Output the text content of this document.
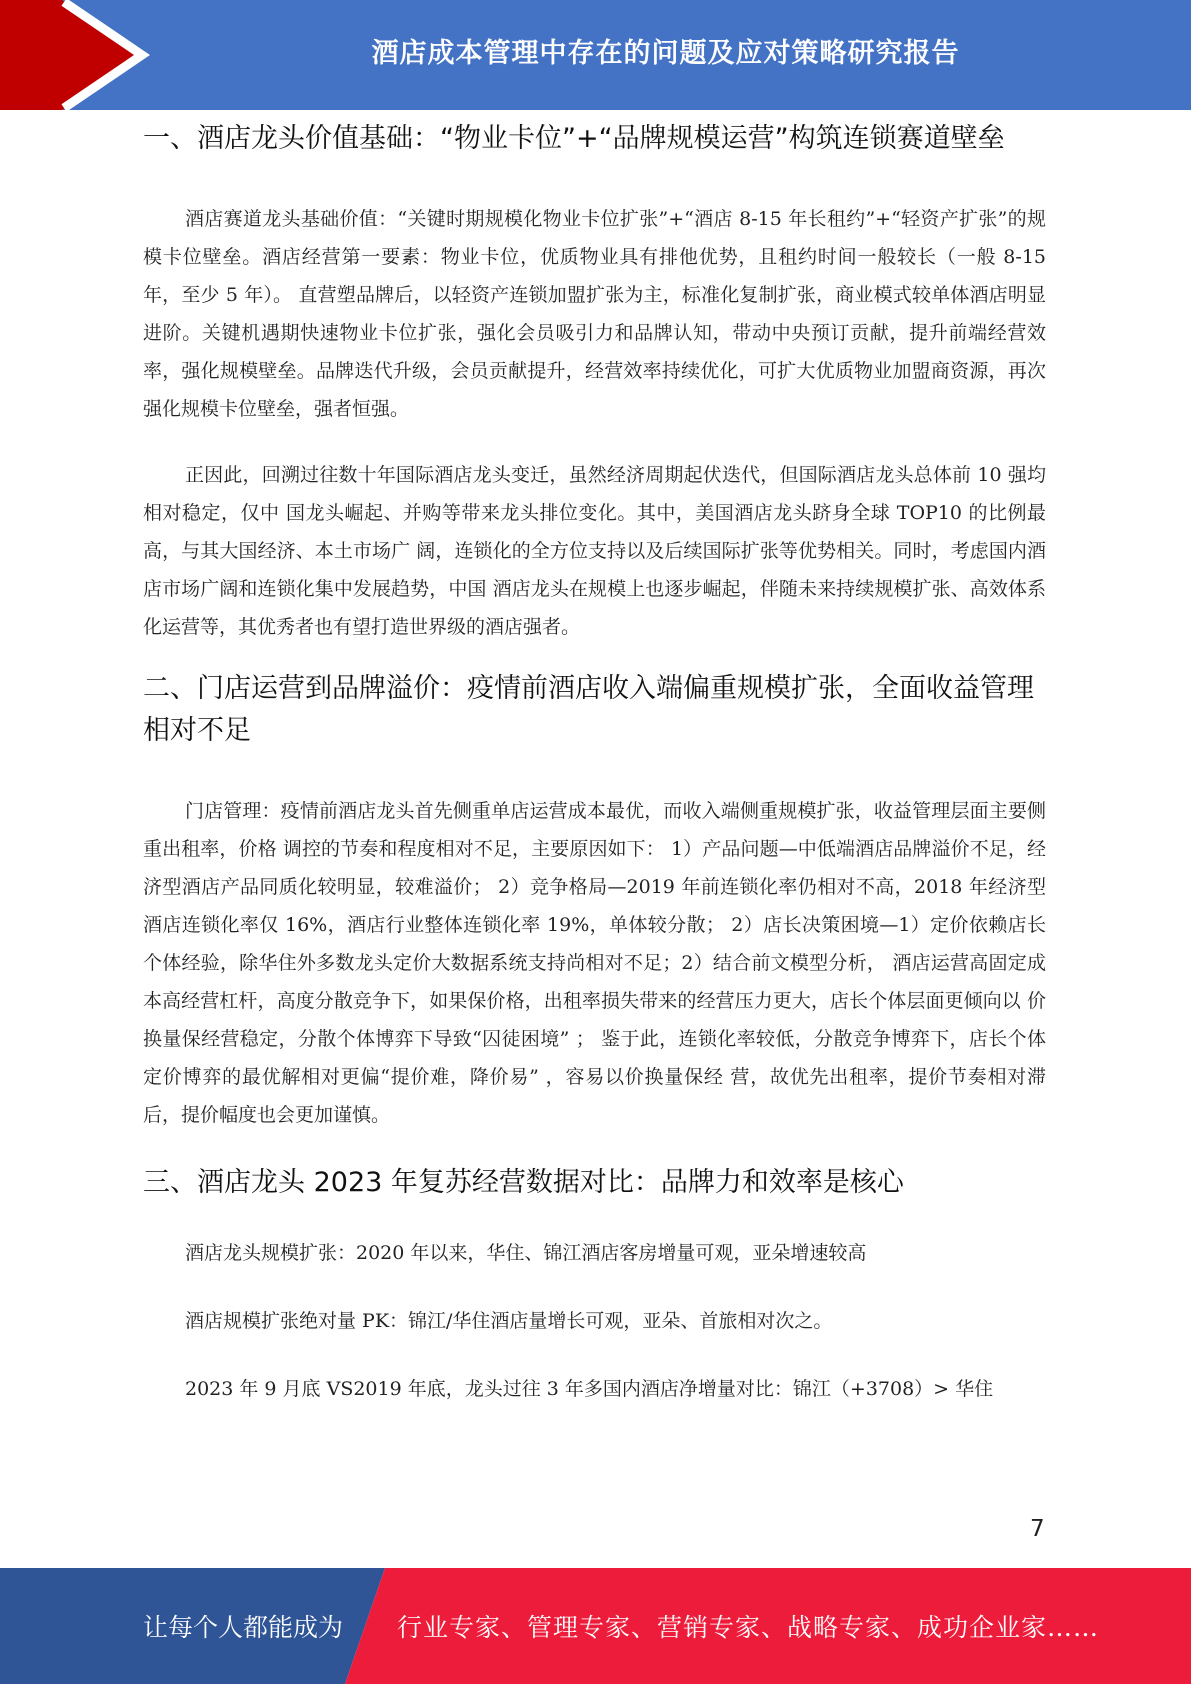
酒店成本管理中存在的问题及应对策略研究报告
一、酒店龙头价值基础：“物业卡位”+“品牌规模运营”构筑连锁赛道壁垒

酒店赛道龙头基础价值：“关键时期规模化物业卡位扩张”+“酒店 8-15 年长租约”+“轻资产扩张”的规模卡位壁垒。酒店经营第一要素：物业卡位，优质物业具有排他优势，且租约时间一般较长（一般 8-15 年，至少 5 年）。 直营塑品牌后，以轻资产连锁加盟扩张为主，标准化复制扩张，商业模式较单体酒店明显进阶。关键机遇期快速物业卡位扩张，强化会员吸引力和品牌认知，带动中央预订贡献，提升前端经营效率，强化规模壁垒。品牌迭代升级，会员贡献提升，经营效率持续优化，可扩大优质物业加盟商资源，再次强化规模卡位壁垒，强者恒强。

正因此，回溯过往数十年国际酒店龙头变迁，虽然经济周期起伏迭代，但国际酒店龙头总体前 10 强均相对稳定，仅中 国龙头崛起、并购等带来龙头排位变化。其中，美国酒店龙头跻身全球 TOP10 的比例最高，与其大国经济、本土市场广 阔，连锁化的全方位支持以及后续国际扩张等优势相关。同时，考虑国内酒店市场广阔和连锁化集中发展趋势，中国 酒店龙头在规模上也逐步崛起，伴随未来持续规模扩张、高效体系化运营等，其优秀者也有望打造世界级的酒店强者。

二、门店运营到品牌溢价：疫情前酒店收入端偏重规模扩张，全面收益管理相对不足

门店管理：疫情前酒店龙头首先侧重单店运营成本最优，而收入端侧重规模扩张，收益管理层面主要侧重出租率，价格 调控的节奏和程度相对不足，主要原因如下： 1）产品问题—中低端酒店品牌溢价不足，经济型酒店产品同质化较明显，较难溢价； 2）竞争格局—2019 年前连锁化率仍相对不高，2018 年经济型酒店连锁化率仅 16%，酒店行业整体连锁化率 19%，单体较分散； 2）店长决策困境—1）定价依赖店长个体经验，除华住外多数龙头定价大数据系统支持尚相对不足；2）结合前文模型分析， 酒店运营高固定成本高经营杠杆，高度分散竞争下，如果保价格，出租率损失带来的经营压力更大，店长个体层面更倾向以 价换量保经营稳定，分散个体博弈下导致“囚徒困境” ； 鉴于此，连锁化率较低，分散竞争博弈下，店长个体定价博弈的最优解相对更偏“提价难，降价易” ，容易以价换量保经 营，故优先出租率，提价节奏相对滞后，提价幅度也会更加谨慎。

三、酒店龙头 2023 年复苏经营数据对比：品牌力和效率是核心

酒店龙头规模扩张：2020 年以来，华住、锦江酒店客房增量可观，亚朵增速较高

酒店规模扩张绝对量 PK：锦江/华住酒店量增长可观，亚朵、首旅相对次之。

2023 年 9 月底 VS2019 年底，龙头过往 3 年多国内酒店净增量对比：锦江（+3708）> 华住

7
让每个人都能成为 行业专家、管理专家、营销专家、战略专家、成功企业家……
